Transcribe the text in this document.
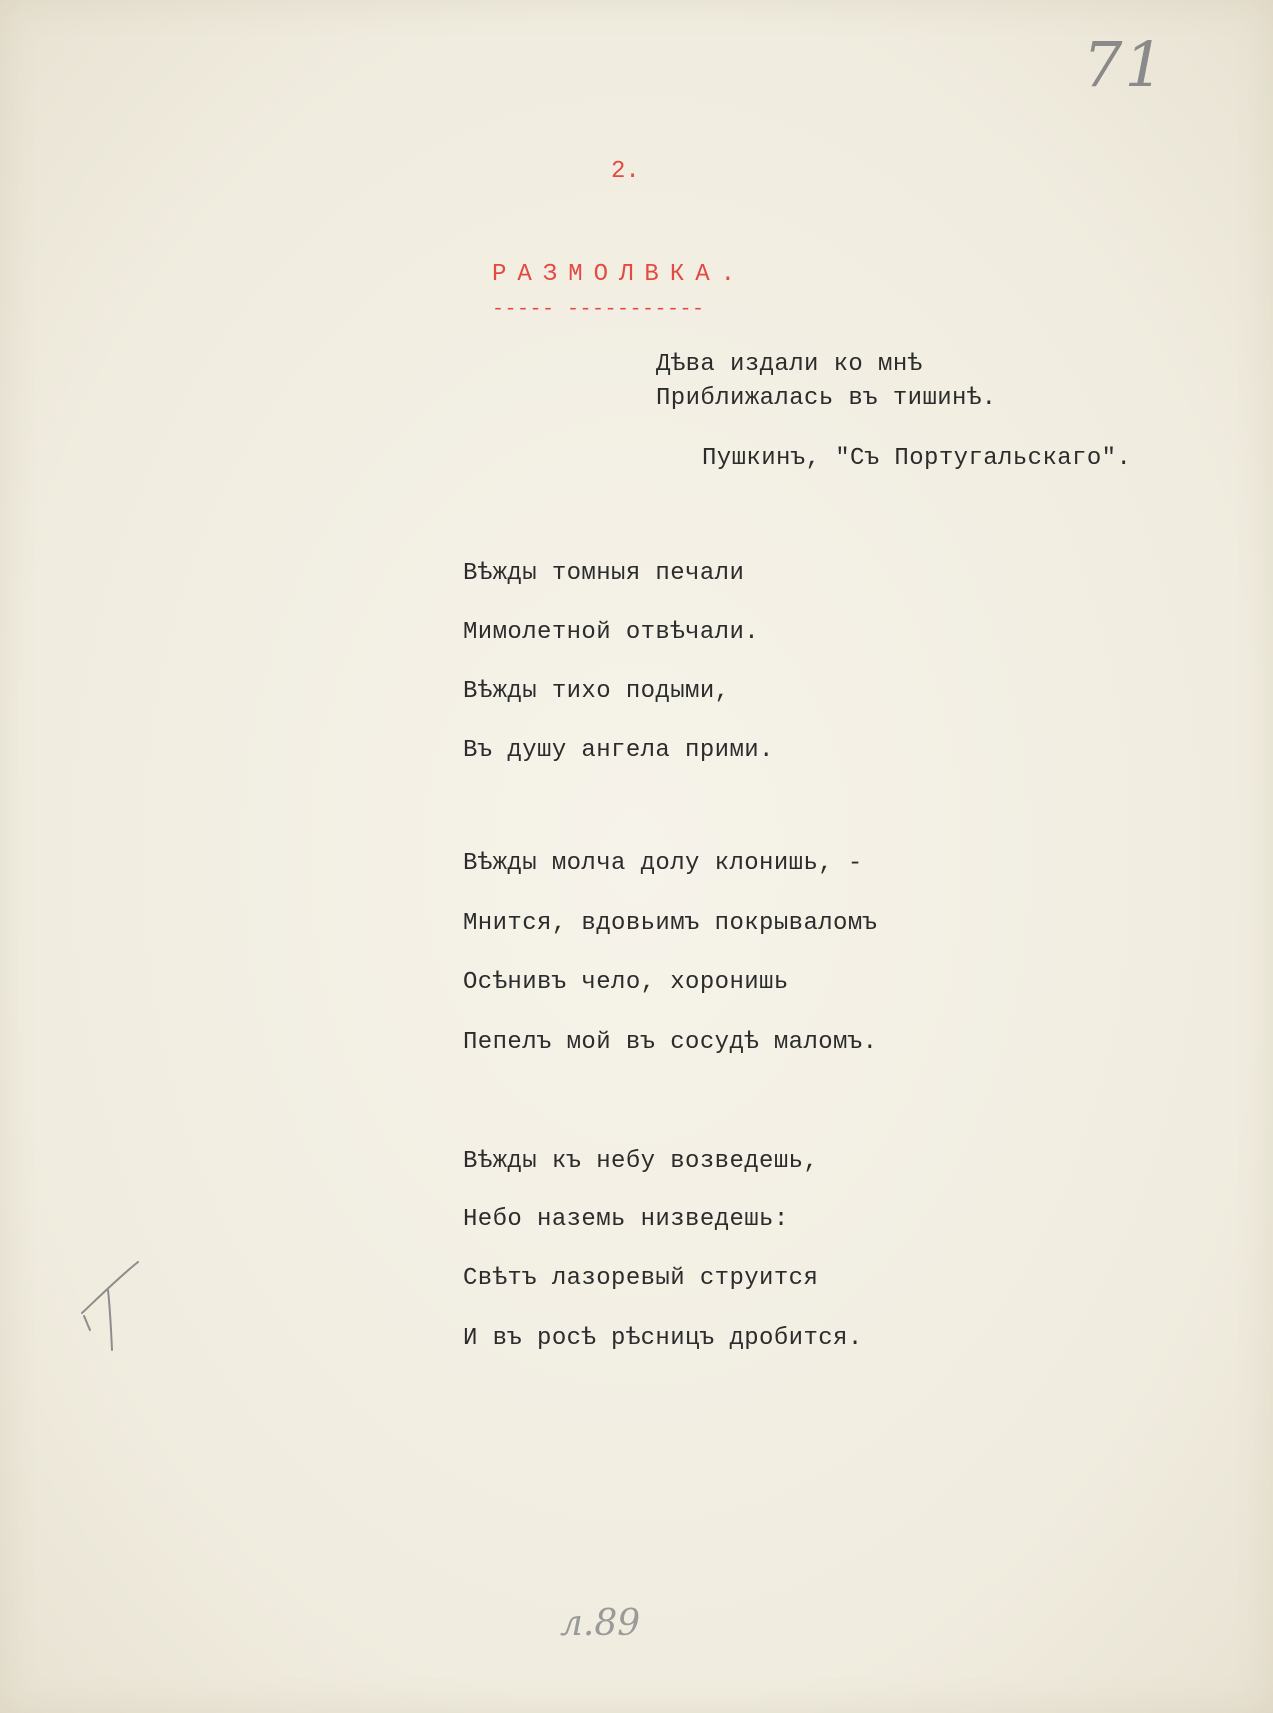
71
2.
РАЗМОЛВКА.
----- -----------
Дѣва издали ко мнѣ
Приближалась въ тишинѣ.
Пушкинъ, "Съ Португальскаго".
Вѣжды томныя печали
Мимолетной отвѣчали.
Вѣжды тихо подыми,
Въ душу ангела прими.
Вѣжды молча долу клонишь, -
Мнится, вдовьимъ покрываломъ
Осѣнивъ чело, хоронишь
Пепелъ мой въ сосудѣ маломъ.
Вѣжды къ небу возведешь,
Небо наземь низведешь:
Свѣтъ лазоревый струится
И въ росѣ рѣсницъ дробится.
л.89
